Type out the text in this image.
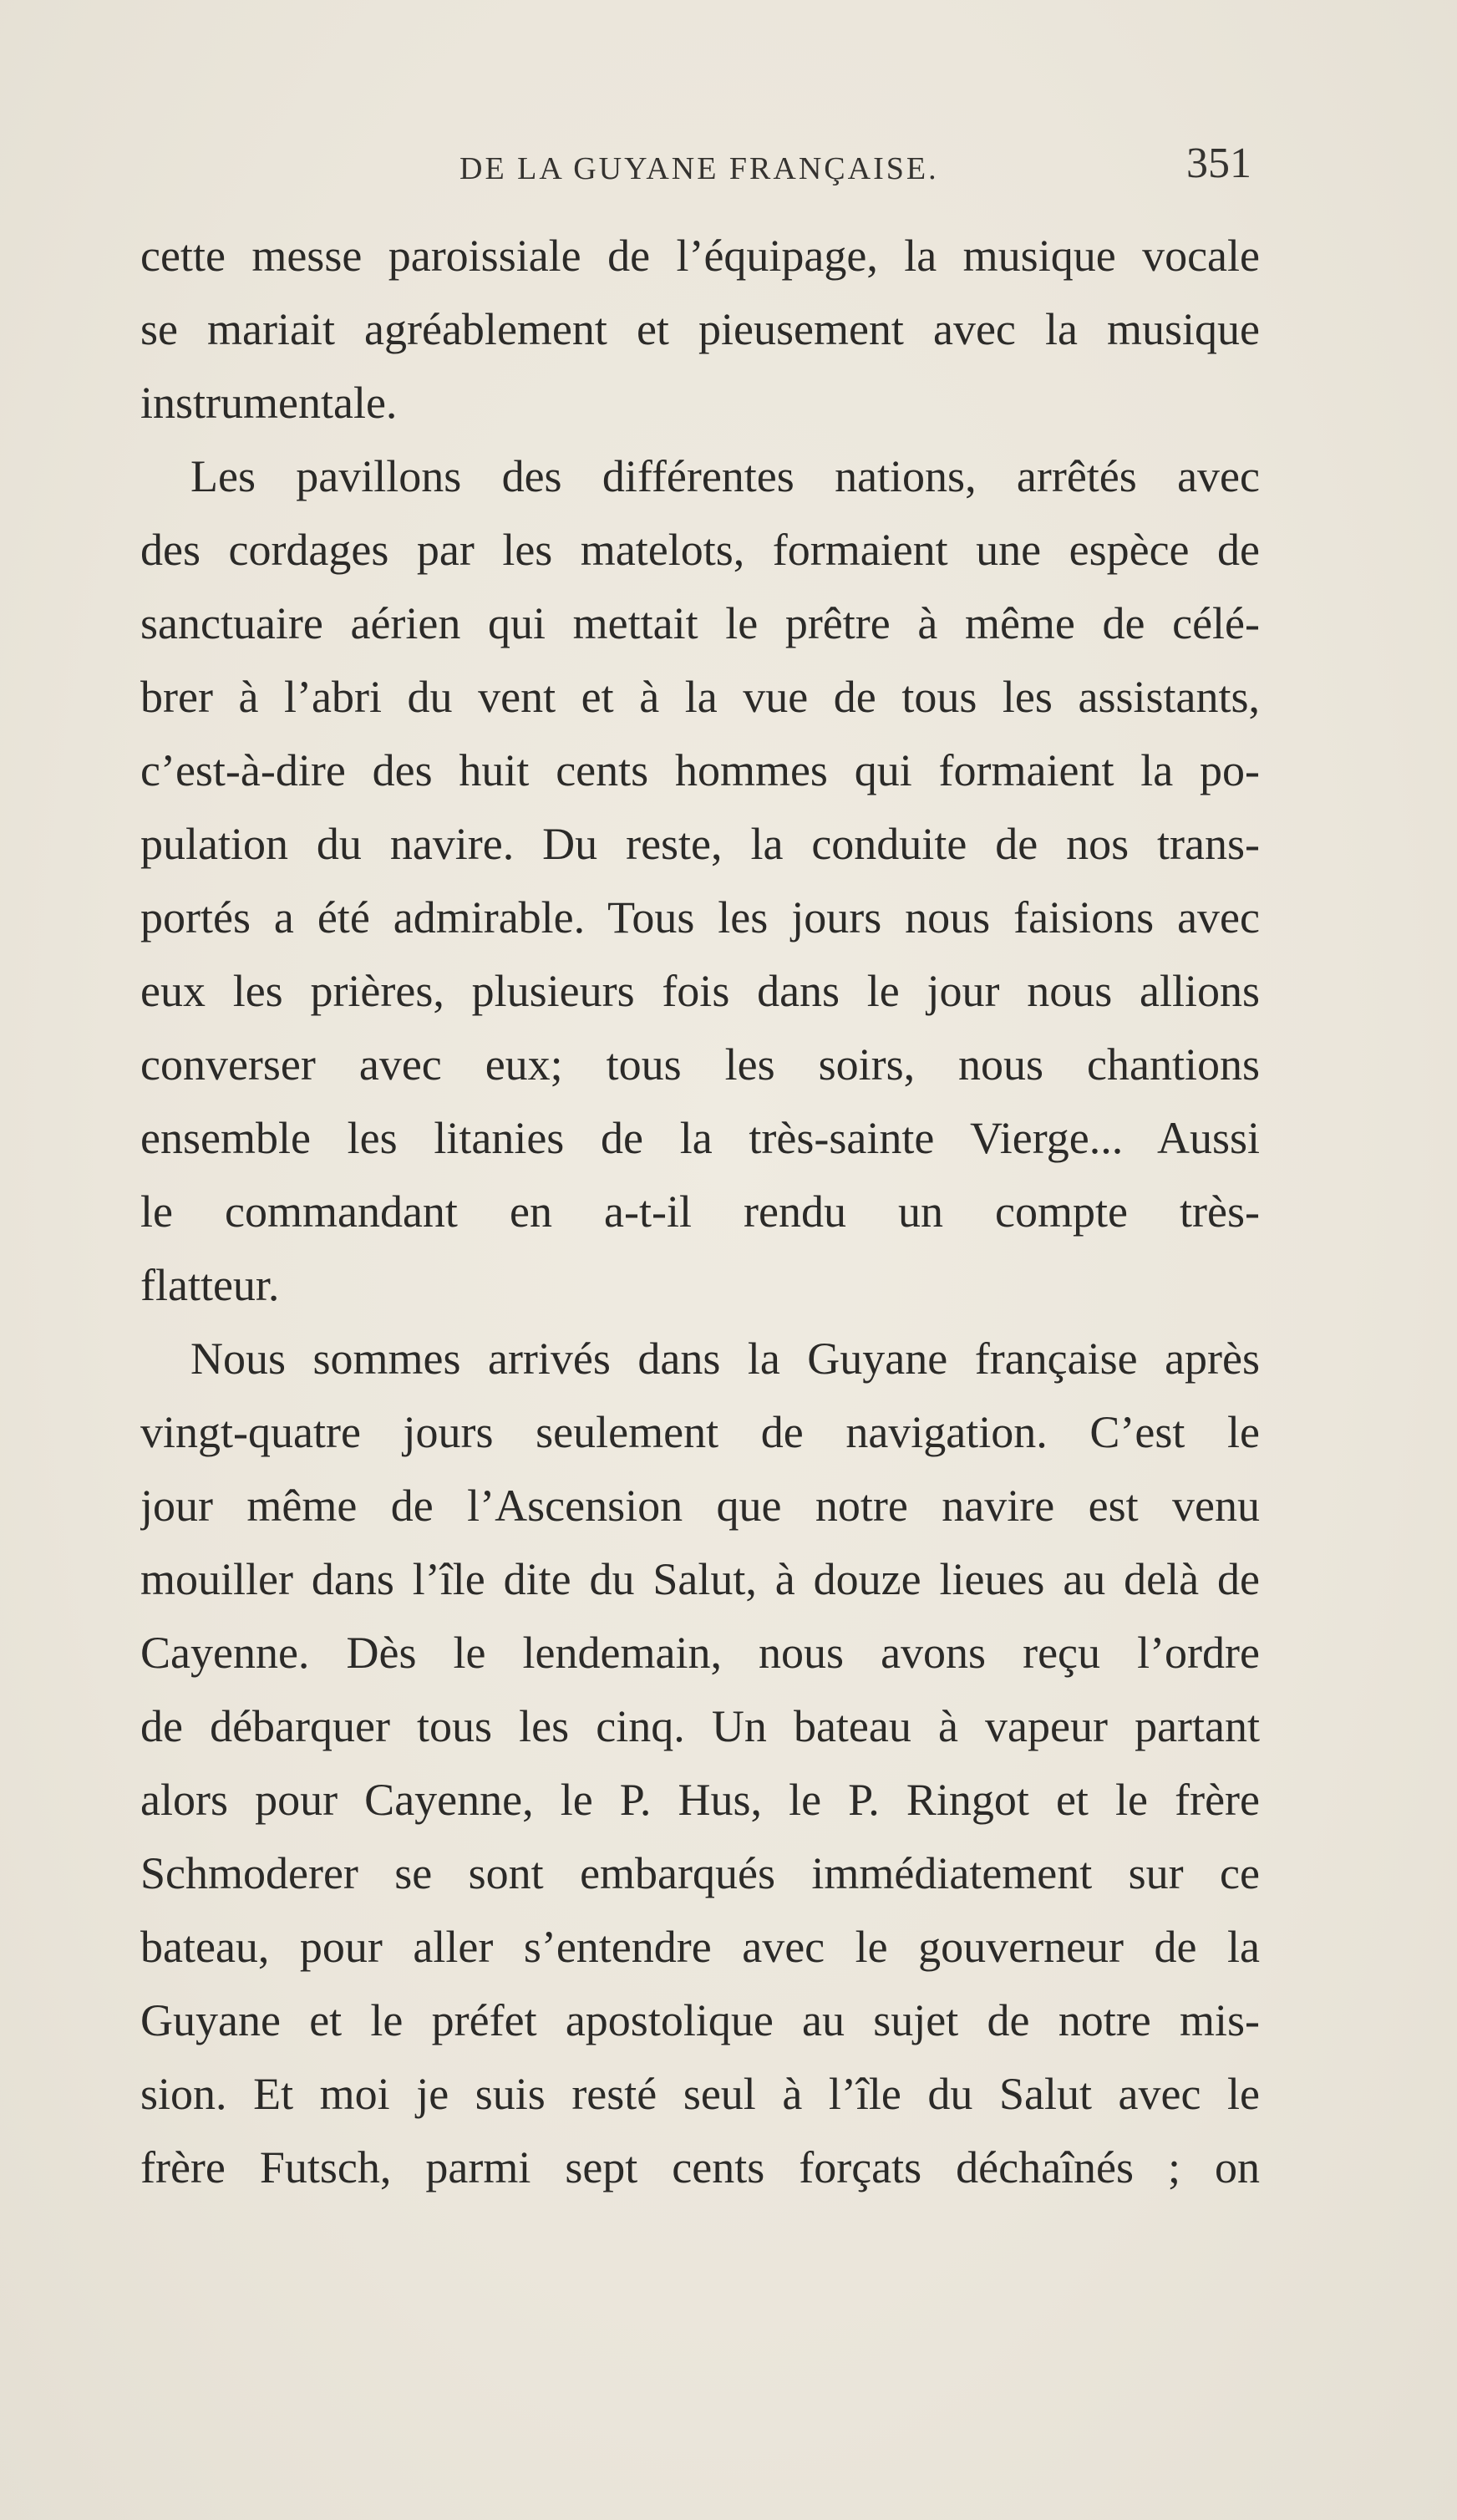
DE LA GUYANE FRANÇAISE.	351
cette messe paroissiale de l’équipage, la musique vocale
se mariait agréablement et pieusement avec la musique
instrumentale.
Les pavillons des différentes nations, arrêtés avec
des cordages par les matelots, formaient une espèce de
sanctuaire aérien qui mettait le prêtre à même de célé-
brer à l’abri du vent et à la vue de tous les assistants,
c’est-à-dire des huit cents hommes qui formaient la po-
pulation du navire. Du reste, la conduite de nos trans-
portés a été admirable. Tous les jours nous faisions avec
eux les prières, plusieurs fois dans le jour nous allions
converser avec eux; tous les soirs, nous chantions
ensemble les litanies de la très-sainte Vierge... Aussi
le commandant en a-t-il rendu un compte très-
flatteur.
Nous sommes arrivés dans la Guyane française après
vingt-quatre jours seulement de navigation. C’est le
jour même de l’Ascension que notre navire est venu
mouiller dans l’île dite du Salut, à douze lieues au delà de
Cayenne. Dès le lendemain, nous avons reçu l’ordre
de débarquer tous les cinq. Un bateau à vapeur partant
alors pour Cayenne, le P. Hus, le P. Ringot et le frère
Schmoderer se sont embarqués immédiatement sur ce
bateau, pour aller s’entendre avec le gouverneur de la
Guyane et le préfet apostolique au sujet de notre mis-
sion. Et moi je suis resté seul à l’île du Salut avec le
frère Futsch, parmi sept cents forçats déchaînés ; on
